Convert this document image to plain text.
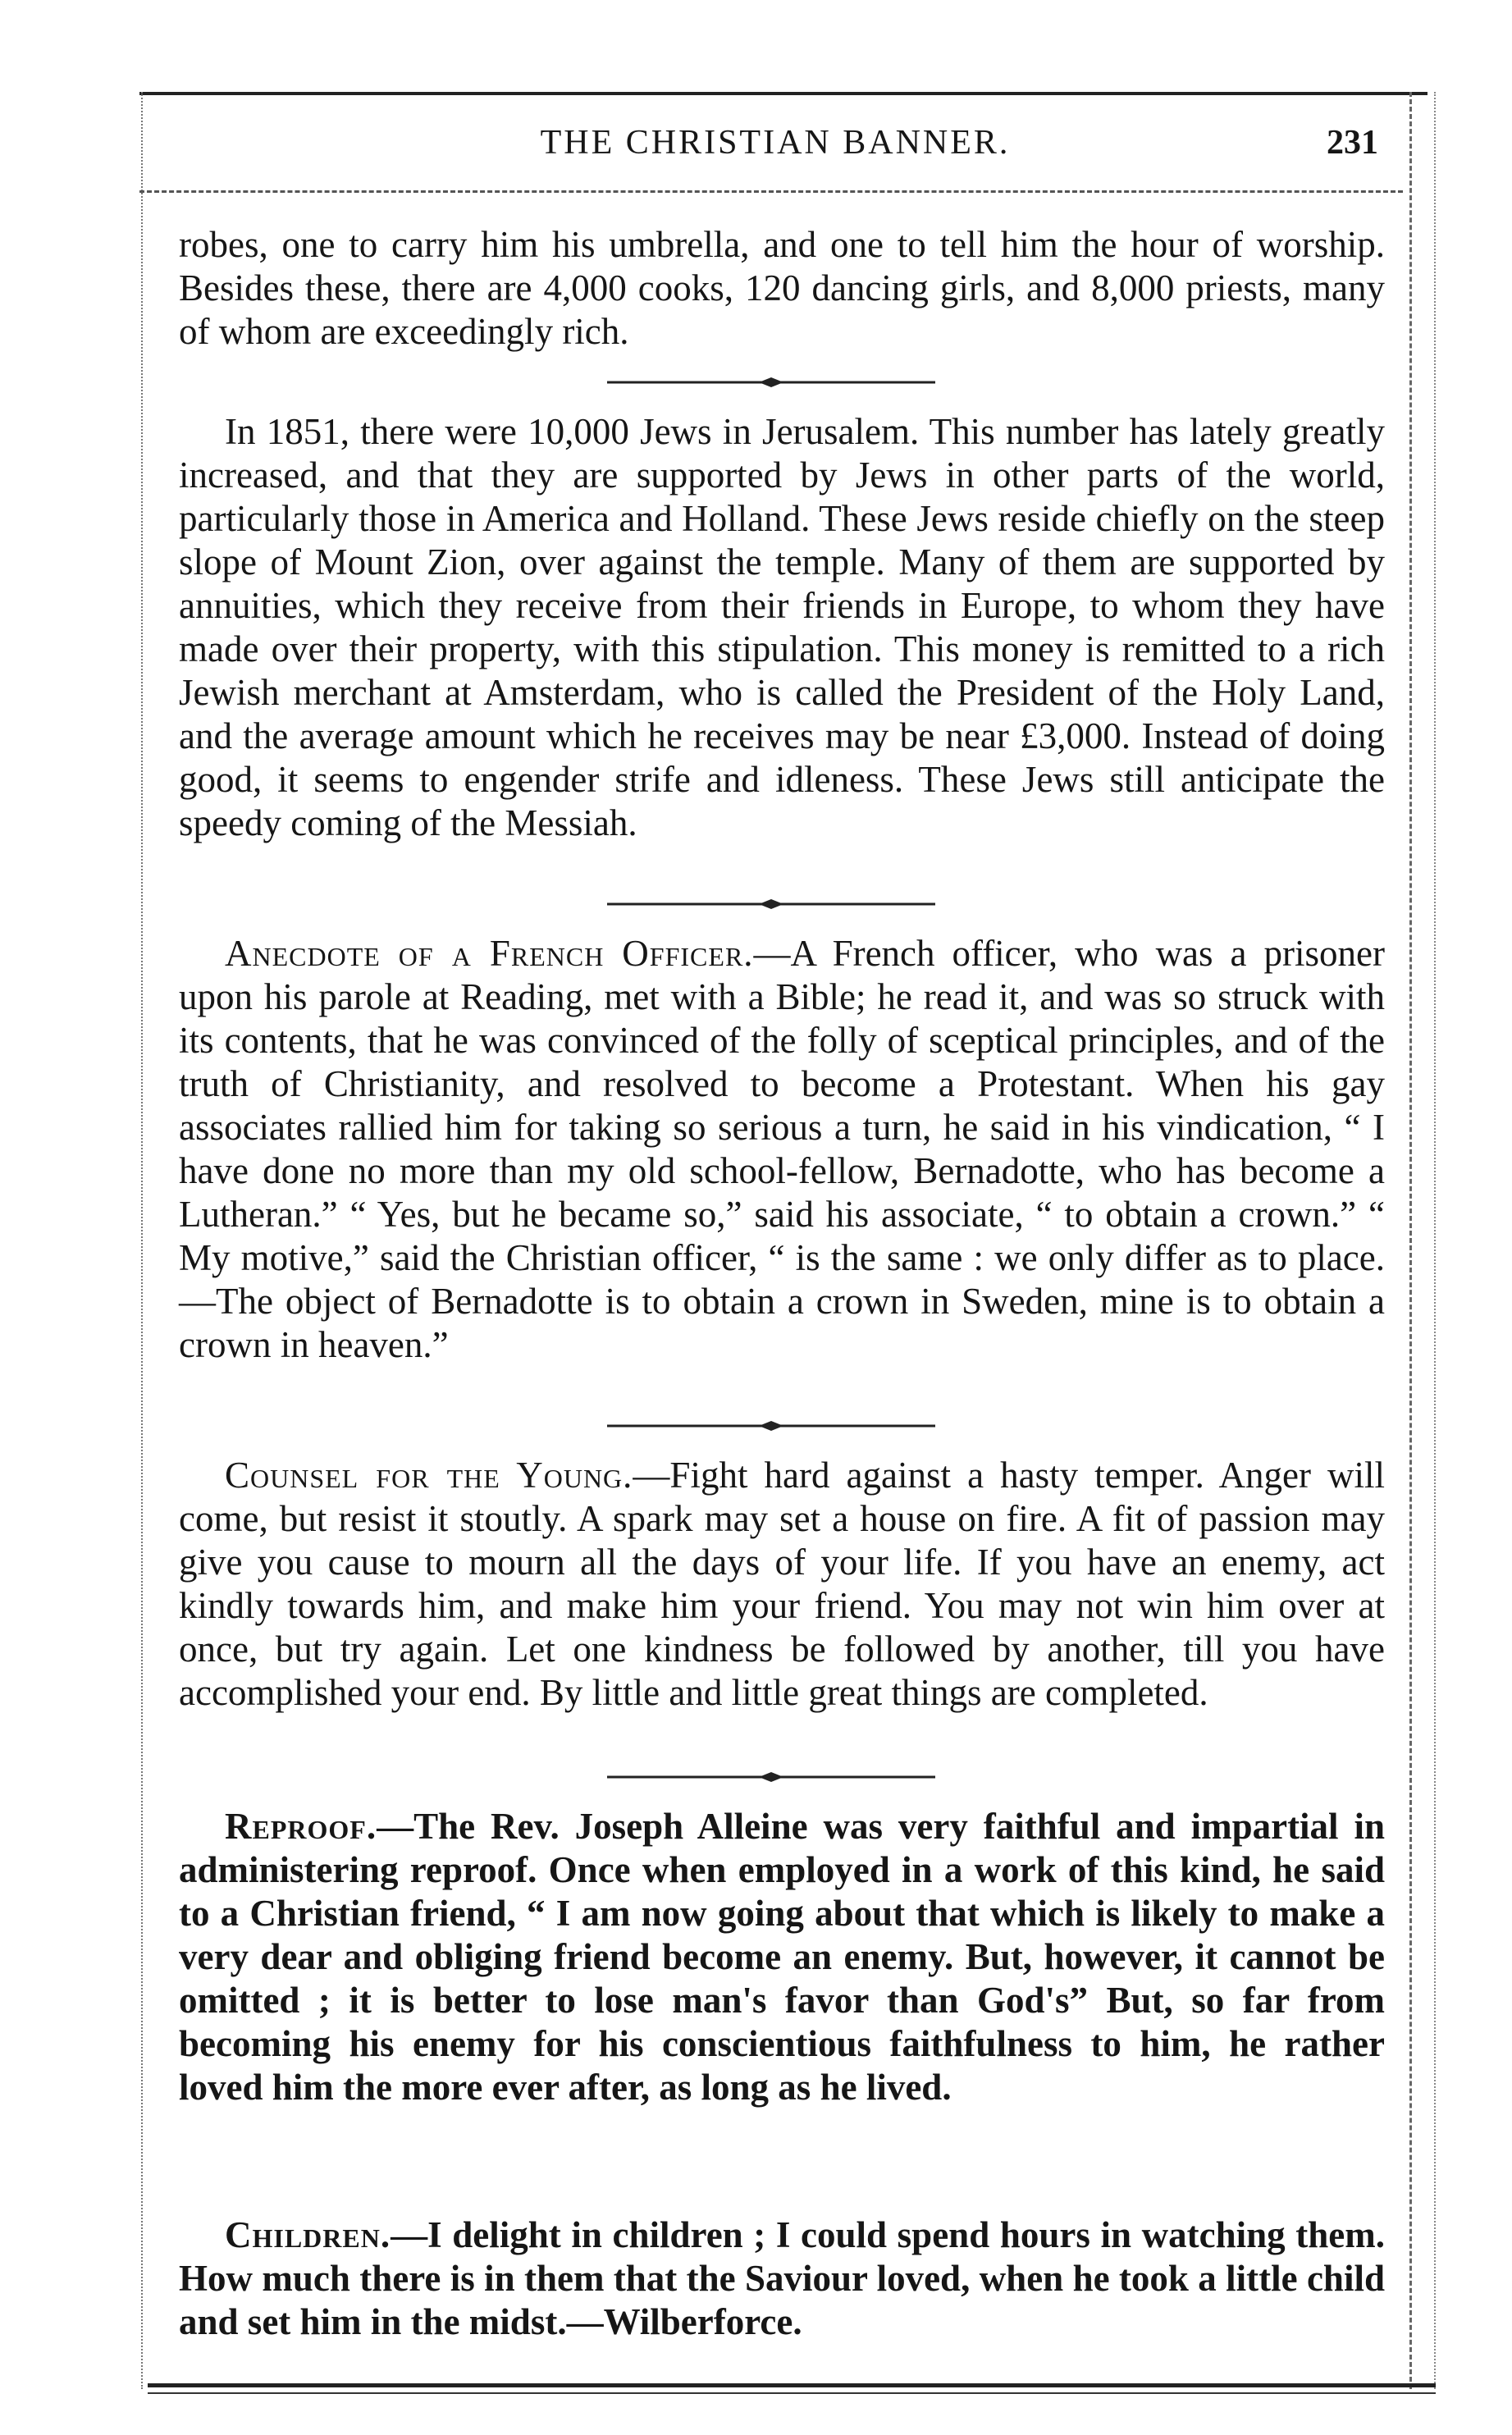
THE CHRISTIAN BANNER.	231

robes, one to carry him his umbrella, and one to tell him the hour of worship. Besides these, there are 4,000 cooks, 120 dancing girls, and 8,000 priests, many of whom are exceedingly rich.

In 1851, there were 10,000 Jews in Jerusalem. This number has lately greatly increased, and that they are supported by Jews in other parts of the world, particularly those in America and Holland. These Jews reside chiefly on the steep slope of Mount Zion, over against the temple. Many of them are supported by annuities, which they receive from their friends in Europe, to whom they have made over their property, with this stipulation. This money is remitted to a rich Jewish merchant at Amsterdam, who is called the President of the Holy Land, and the average amount which he receives may be near £3,000. Instead of doing good, it seems to engender strife and idleness. These Jews still anticipate the speedy coming of the Messiah.

Anecdote of a French Officer.—A French officer, who was a prisoner upon his parole at Reading, met with a Bible; he read it, and was so struck with its contents, that he was convinced of the folly of sceptical principles, and of the truth of Christianity, and resolved to become a Protestant. When his gay associates rallied him for taking so serious a turn, he said in his vindication, “ I have done no more than my old school-fellow, Bernadotte, who has become a Lutheran.” “ Yes, but he became so,” said his associate, “ to obtain a crown.” “ My motive,” said the Christian officer, “ is the same : we only differ as to place.—The object of Bernadotte is to obtain a crown in Sweden, mine is to obtain a crown in heaven.”

Counsel for the Young.—Fight hard against a hasty temper. Anger will come, but resist it stoutly. A spark may set a house on fire. A fit of passion may give you cause to mourn all the days of your life. If you have an enemy, act kindly towards him, and make him your friend. You may not win him over at once, but try again. Let one kindness be followed by another, till you have accomplished your end. By little and little great things are completed.

Reproof.—The Rev. Joseph Alleine was very faithful and impartial in administering reproof. Once when employed in a work of this kind, he said to a Christian friend, “ I am now going about that which is likely to make a very dear and obliging friend become an enemy. But, however, it cannot be omitted ; it is better to lose man's favor than God's” But, so far from becoming his enemy for his conscientious faithfulness to him, he rather loved him the more ever after, as long as he lived.

Children.—I delight in children ; I could spend hours in watching them. How much there is in them that the Saviour loved, when he took a little child and set him in the midst.—Wilberforce.
